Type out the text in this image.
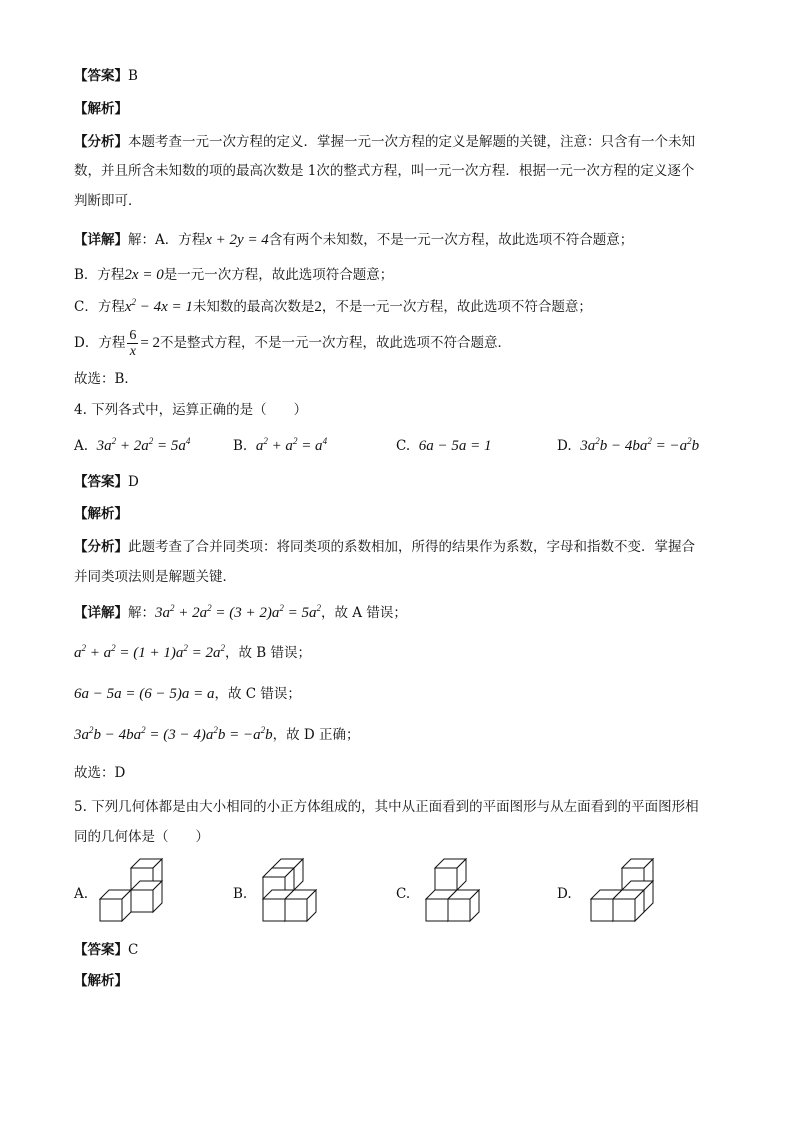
【答案】B
【解析】
【分析】本题考查一元一次方程的定义．掌握一元一次方程的定义是解题的关键，注意：只含有一个未知
数，并且所含未知数的项的最高次数是 1次的整式方程，叫一元一次方程．根据一元一次方程的定义逐个
判断即可．
【详解】解：A．方程x + 2y = 4含有两个未知数，不是一元一次方程，故此选项不符合题意；
B．方程2x = 0是一元一次方程，故此选项符合题意；
C．方程$x^2 - 4x = 1$未知数的最高次数是2，不是一元一次方程，故此选项不符合题意；
D．方程 $\frac{6}{x} = 2$不是整式方程，不是一元一次方程，故此选项不符合题意．
故选：B．
4. 下列各式中，运算正确的是（　　）
A. $3a^2 + 2a^2 = 5a^4$	B. $a^2 + a^2 = a^4$	C. 6a − 5a = 1	D. $3a^2b - 4ba^2 = -a^2b$
【答案】D
【解析】
【分析】此题考查了合并同类项：将同类项的系数相加，所得的结果作为系数，字母和指数不变．掌握合
并同类项法则是解题关键．
【详解】解：$3a^2 + 2a^2 = (3 + 2)a^2 = 5a^2$，故 A 错误；
$a^2 + a^2 = (1 + 1)a^2 = 2a^2$，故 B 错误；
6a − 5a = (6 − 5)a = a，故 C 错误；
$3a^2b - 4ba^2 = (3 - 4)a^2b = -a^2b$，故 D 正确；
故选：D
5. 下列几何体都是由大小相同的小正方体组成的，其中从正面看到的平面图形与从左面看到的平面图形相
同的几何体是（　　）
A.	B.	C.	D.
【答案】C
【解析】
